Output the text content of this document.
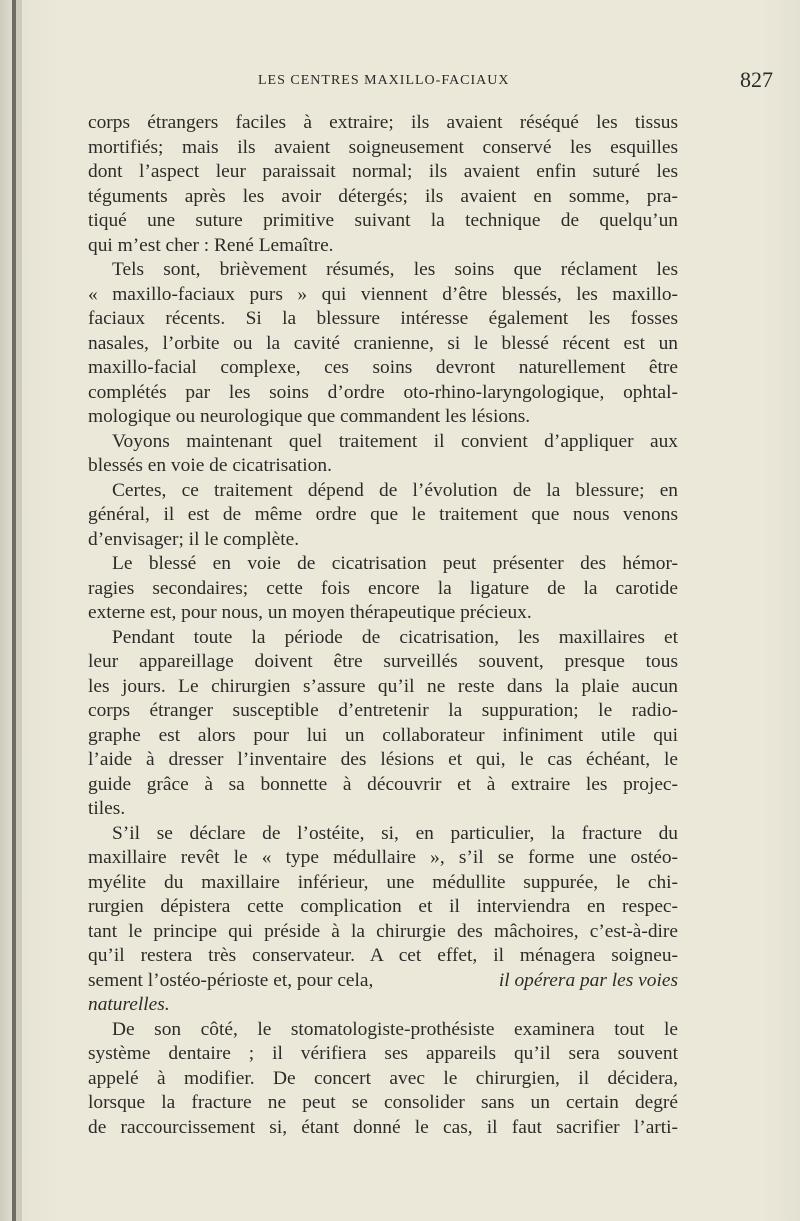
LES CENTRES MAXILLO-FACIAUX	827
corps étrangers faciles à extraire; ils avaient réséqué les tissus
mortifiés; mais ils avaient soigneusement conservé les esquilles
dont l’aspect leur paraissait normal; ils avaient enfin suturé les
téguments après les avoir détergés; ils avaient en somme, pra-
tiqué une suture primitive suivant la technique de quelqu’un
qui m’est cher : René Lemaître.
Tels sont, brièvement résumés, les soins que réclament les
« maxillo-faciaux purs » qui viennent d’être blessés, les maxillo-
faciaux récents. Si la blessure intéresse également les fosses
nasales, l’orbite ou la cavité cranienne, si le blessé récent est un
maxillo-facial complexe, ces soins devront naturellement être
complétés par les soins d’ordre oto-rhino-laryngologique, ophtal-
mologique ou neurologique que commandent les lésions.
Voyons maintenant quel traitement il convient d’appliquer aux
blessés en voie de cicatrisation.
Certes, ce traitement dépend de l’évolution de la blessure; en
général, il est de même ordre que le traitement que nous venons
d’envisager; il le complète.
Le blessé en voie de cicatrisation peut présenter des hémor-
ragies secondaires; cette fois encore la ligature de la carotide
externe est, pour nous, un moyen thérapeutique précieux.
Pendant toute la période de cicatrisation, les maxillaires et
leur appareillage doivent être surveillés souvent, presque tous
les jours. Le chirurgien s’assure qu’il ne reste dans la plaie aucun
corps étranger susceptible d’entretenir la suppuration; le radio-
graphe est alors pour lui un collaborateur infiniment utile qui
l’aide à dresser l’inventaire des lésions et qui, le cas échéant, le
guide grâce à sa bonnette à découvrir et à extraire les projec-
tiles.
S’il se déclare de l’ostéite, si, en particulier, la fracture du
maxillaire revêt le « type médullaire », s’il se forme une ostéo-
myélite du maxillaire inférieur, une médullite suppurée, le chi-
rurgien dépistera cette complication et il interviendra en respec-
tant le principe qui préside à la chirurgie des mâchoires, c’est-à-dire
qu’il restera très conservateur. A cet effet, il ménagera soigneu-
sement l’ostéo-périoste et, pour cela,	il opérera par les voies
naturelles.
De son côté, le stomatologiste-prothésiste examinera tout le
système dentaire ; il vérifiera ses appareils qu’il sera souvent
appelé à modifier. De concert avec le chirurgien, il décidera,
lorsque la fracture ne peut se consolider sans un certain degré
de raccourcissement si, étant donné le cas, il faut sacrifier l’arti-
